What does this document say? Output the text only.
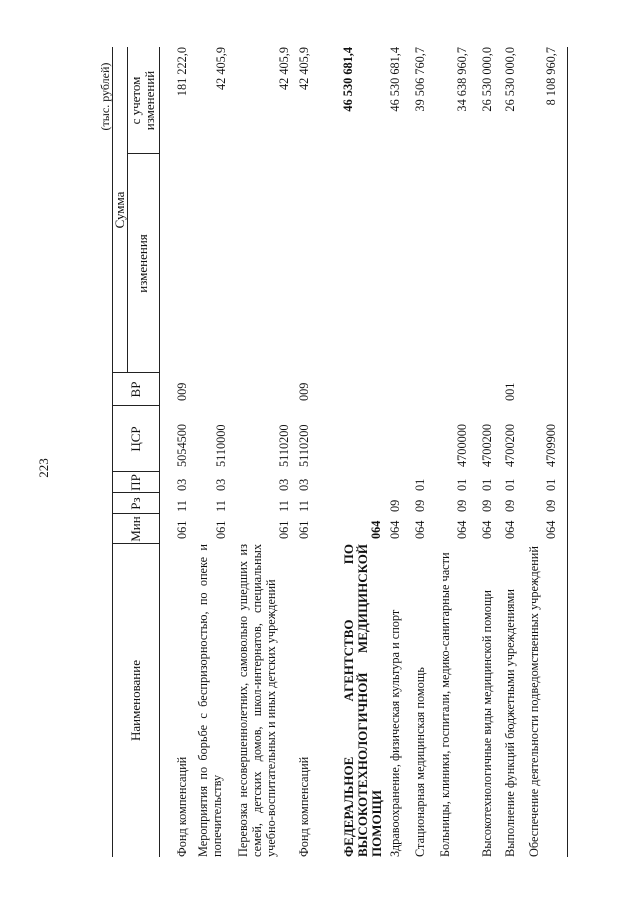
223
(тыс. рублей)
Наименование
Мин
Рз
ПР
ЦСР
ВР
Сумма
изменения
с учетом изменений
Фонд компенсаций
061
11
03
5054500
009
181 222,0
Мероприятия по борьбе с беспризорностью, по опеке и попечительству
061
11
03
5110000
42 405,9
Перевозка несовершеннолетних, самовольно ушедших из семей, детских домов, школ-интернатов, специальных учебно-воспитательных и иных детских учреждений
061
11
03
5110200
42 405,9
Фонд компенсаций
061
11
03
5110200
009
42 405,9
ФЕДЕРАЛЬНОЕ АГЕНТСТВО ПО ВЫСОКОТЕХНОЛОГИЧНОЙ МЕДИЦИНСКОЙ ПОМОЩИ
064
46 530 681,4
Здравоохранение, физическая культура и спорт
064
09
46 530 681,4
Стационарная медицинская помощь
064
09
01
39 506 760,7
Больницы, клиники, госпитали, медико-санитарные части
064
09
01
4700000
34 638 960,7
Высокотехнологичные виды медицинской помощи
064
09
01
4700200
26 530 000,0
Выполнение функций бюджетными учреждениями
064
09
01
4700200
001
26 530 000,0
Обеспечение деятельности подведомственных учреждений
064
09
01
4709900
8 108 960,7
